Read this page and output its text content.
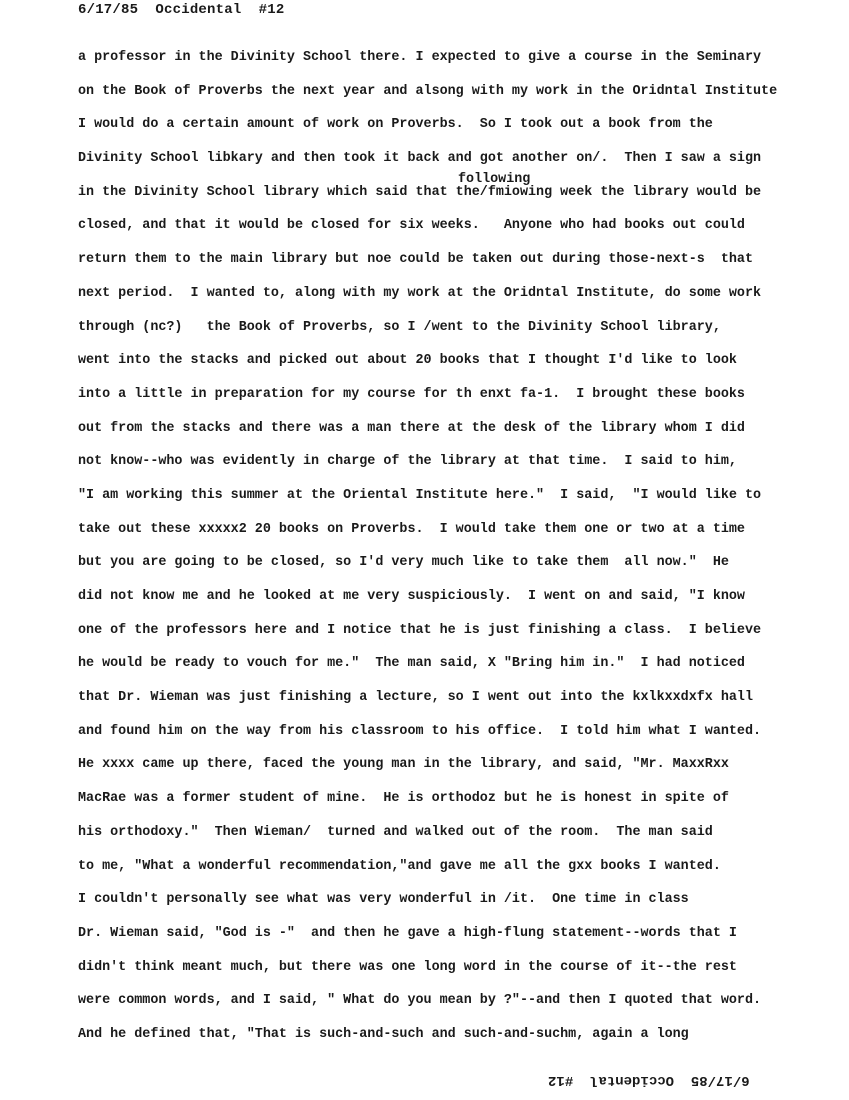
6/17/85  Occidental  #12
a professor in the Divinity School there. I expected to give a course in the Seminary
on the Book of Proverbs the next year and alsong with my work in the Oridntal Institute
I would do a certain amount of work on Proverbs.  So I took out a book from the
Divinity School libkary and then took it back and got another on/.  Then I saw a sign
in the Divinity School library which said that the/fmiowing week the library would be
following
closed, and that it would be closed for six weeks.   Anyone who had books out could
return them to the main library but noe could be taken out during those-next-s  that
next period.  I wanted to, along with my work at the Oridntal Institute, do some work
through (nc?)   the Book of Proverbs, so I /went to the Divinity School library,
went into the stacks and picked out about 20 books that I thought I'd like to look
into a little in preparation for my course for th enxt fa-1.  I brought these books
out from the stacks and there was a man there at the desk of the library whom I did
not know--who was evidently in charge of the library at that time.  I said to him,
"I am working this summer at the Oriental Institute here."  I said,  "I would like to
take out these xxxxx2 20 books on Proverbs.  I would take them one or two at a time
but you are going to be closed, so I'd very much like to take them  all now."  He
did not know me and he looked at me very suspiciously.  I went on and said, "I know
one of the professors here and I notice that he is just finishing a class.  I believe
he would be ready to vouch for me."  The man said, X "Bring him in."  I had noticed
that Dr. Wieman was just finishing a lecture, so I went out into the kxlkxxdxfx hall
and found him on the way from his classroom to his office.  I told him what I wanted.
He xxxx came up there, faced the young man in the library, and said, "Mr. MaxxRxx
MacRae was a former student of mine.  He is orthodoz but he is honest in spite of
his orthodoxy."  Then Wieman/  turned and walked out of the room.  The man said
to me, "What a wonderful recommendation,"and gave me all the gxx books I wanted.
I couldn't personally see what was very wonderful in /it.  One time in class
Dr. Wieman said, "God is -"  and then he gave a high-flung statement--words that I
didn't think meant much, but there was one long word in the course of it--the rest
were common words, and I said, " What do you mean by ?"--and then I quoted that word.
And he defined that, "That is such-and-such and such-and-suchm, again a long
6/17/85  Occidental  #12
